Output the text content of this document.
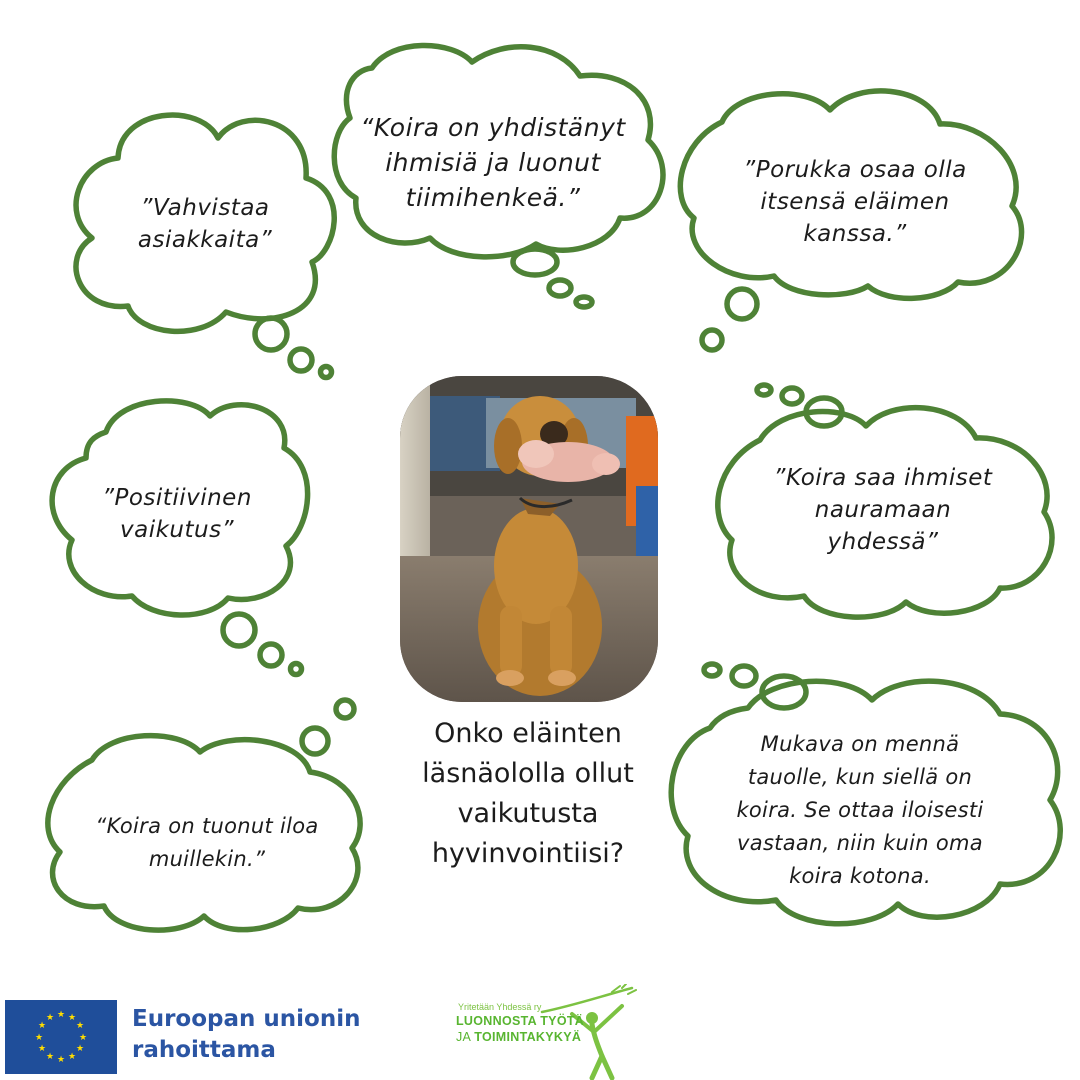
”Vahvistaa
asiakkaita”
“Koira on yhdistänyt
ihmisiä ja luonut
tiimihenkeä.”
”Porukka osaa olla
itsensä eläimen
kanssa.”
”Positiivinen
vaikutus”
”Koira saa ihmiset
nauramaan
yhdessä”
“Koira on tuonut iloa
muillekin.”
Mukava on mennä
tauolle, kun siellä on
koira. Se ottaa iloisesti
vastaan, niin kuin oma
koira kotona.
Onko eläinten
läsnäololla ollut
vaikutusta
hyvinvointiisi?
★ ★
★
★
★
★
★
★
★
★
★
★	Euroopan unionin
rahoittama
Yritetään Yhdessä ry
LUONNOSTA TYÖTÄ
JA TOIMINTAKYKYÄ
